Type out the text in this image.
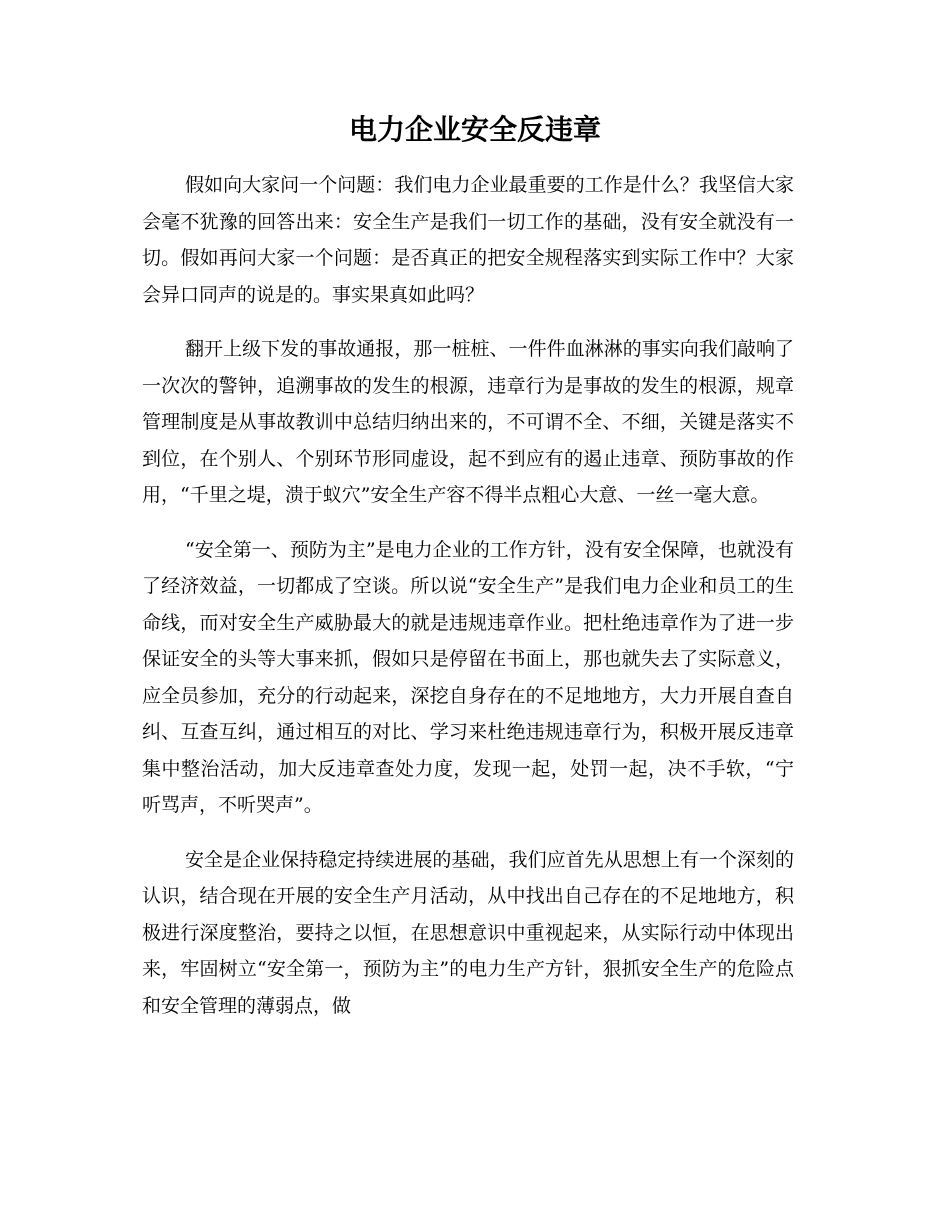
电力企业安全反违章

假如向大家问一个问题：我们电力企业最重要的工作是什么？我坚信大家会毫不犹豫的回答出来：安全生产是我们一切工作的基础，没有安全就没有一切。假如再问大家一个问题：是否真正的把安全规程落实到实际工作中？大家会异口同声的说是的。事实果真如此吗？

翻开上级下发的事故通报，那一桩桩、一件件血淋淋的事实向我们敲响了一次次的警钟，追溯事故的发生的根源，违章行为是事故的发生的根源，规章管理制度是从事故教训中总结归纳出来的，不可谓不全、不细，关键是落实不到位，在个别人、个别环节形同虚设，起不到应有的遏止违章、预防事故的作用，“千里之堤，溃于蚁穴”安全生产容不得半点粗心大意、一丝一毫大意。

“安全第一、预防为主”是电力企业的工作方针，没有安全保障，也就没有了经济效益，一切都成了空谈。所以说“安全生产”是我们电力企业和员工的生命线，而对安全生产威胁最大的就是违规违章作业。把杜绝违章作为了进一步保证安全的头等大事来抓，假如只是停留在书面上，那也就失去了实际意义，应全员参加，充分的行动起来，深挖自身存在的不足地地方，大力开展自查自纠、互查互纠，通过相互的对比、学习来杜绝违规违章行为，积极开展反违章集中整治活动，加大反违章查处力度，发现一起，处罚一起，决不手软，“宁听骂声，不听哭声”。

安全是企业保持稳定持续进展的基础，我们应首先从思想上有一个深刻的认识，结合现在开展的安全生产月活动，从中找出自己存在的不足地地方，积极进行深度整治，要持之以恒，在思想意识中重视起来，从实际行动中体现出来，牢固树立“安全第一，预防为主”的电力生产方针，狠抓安全生产的危险点和安全管理的薄弱点，做
